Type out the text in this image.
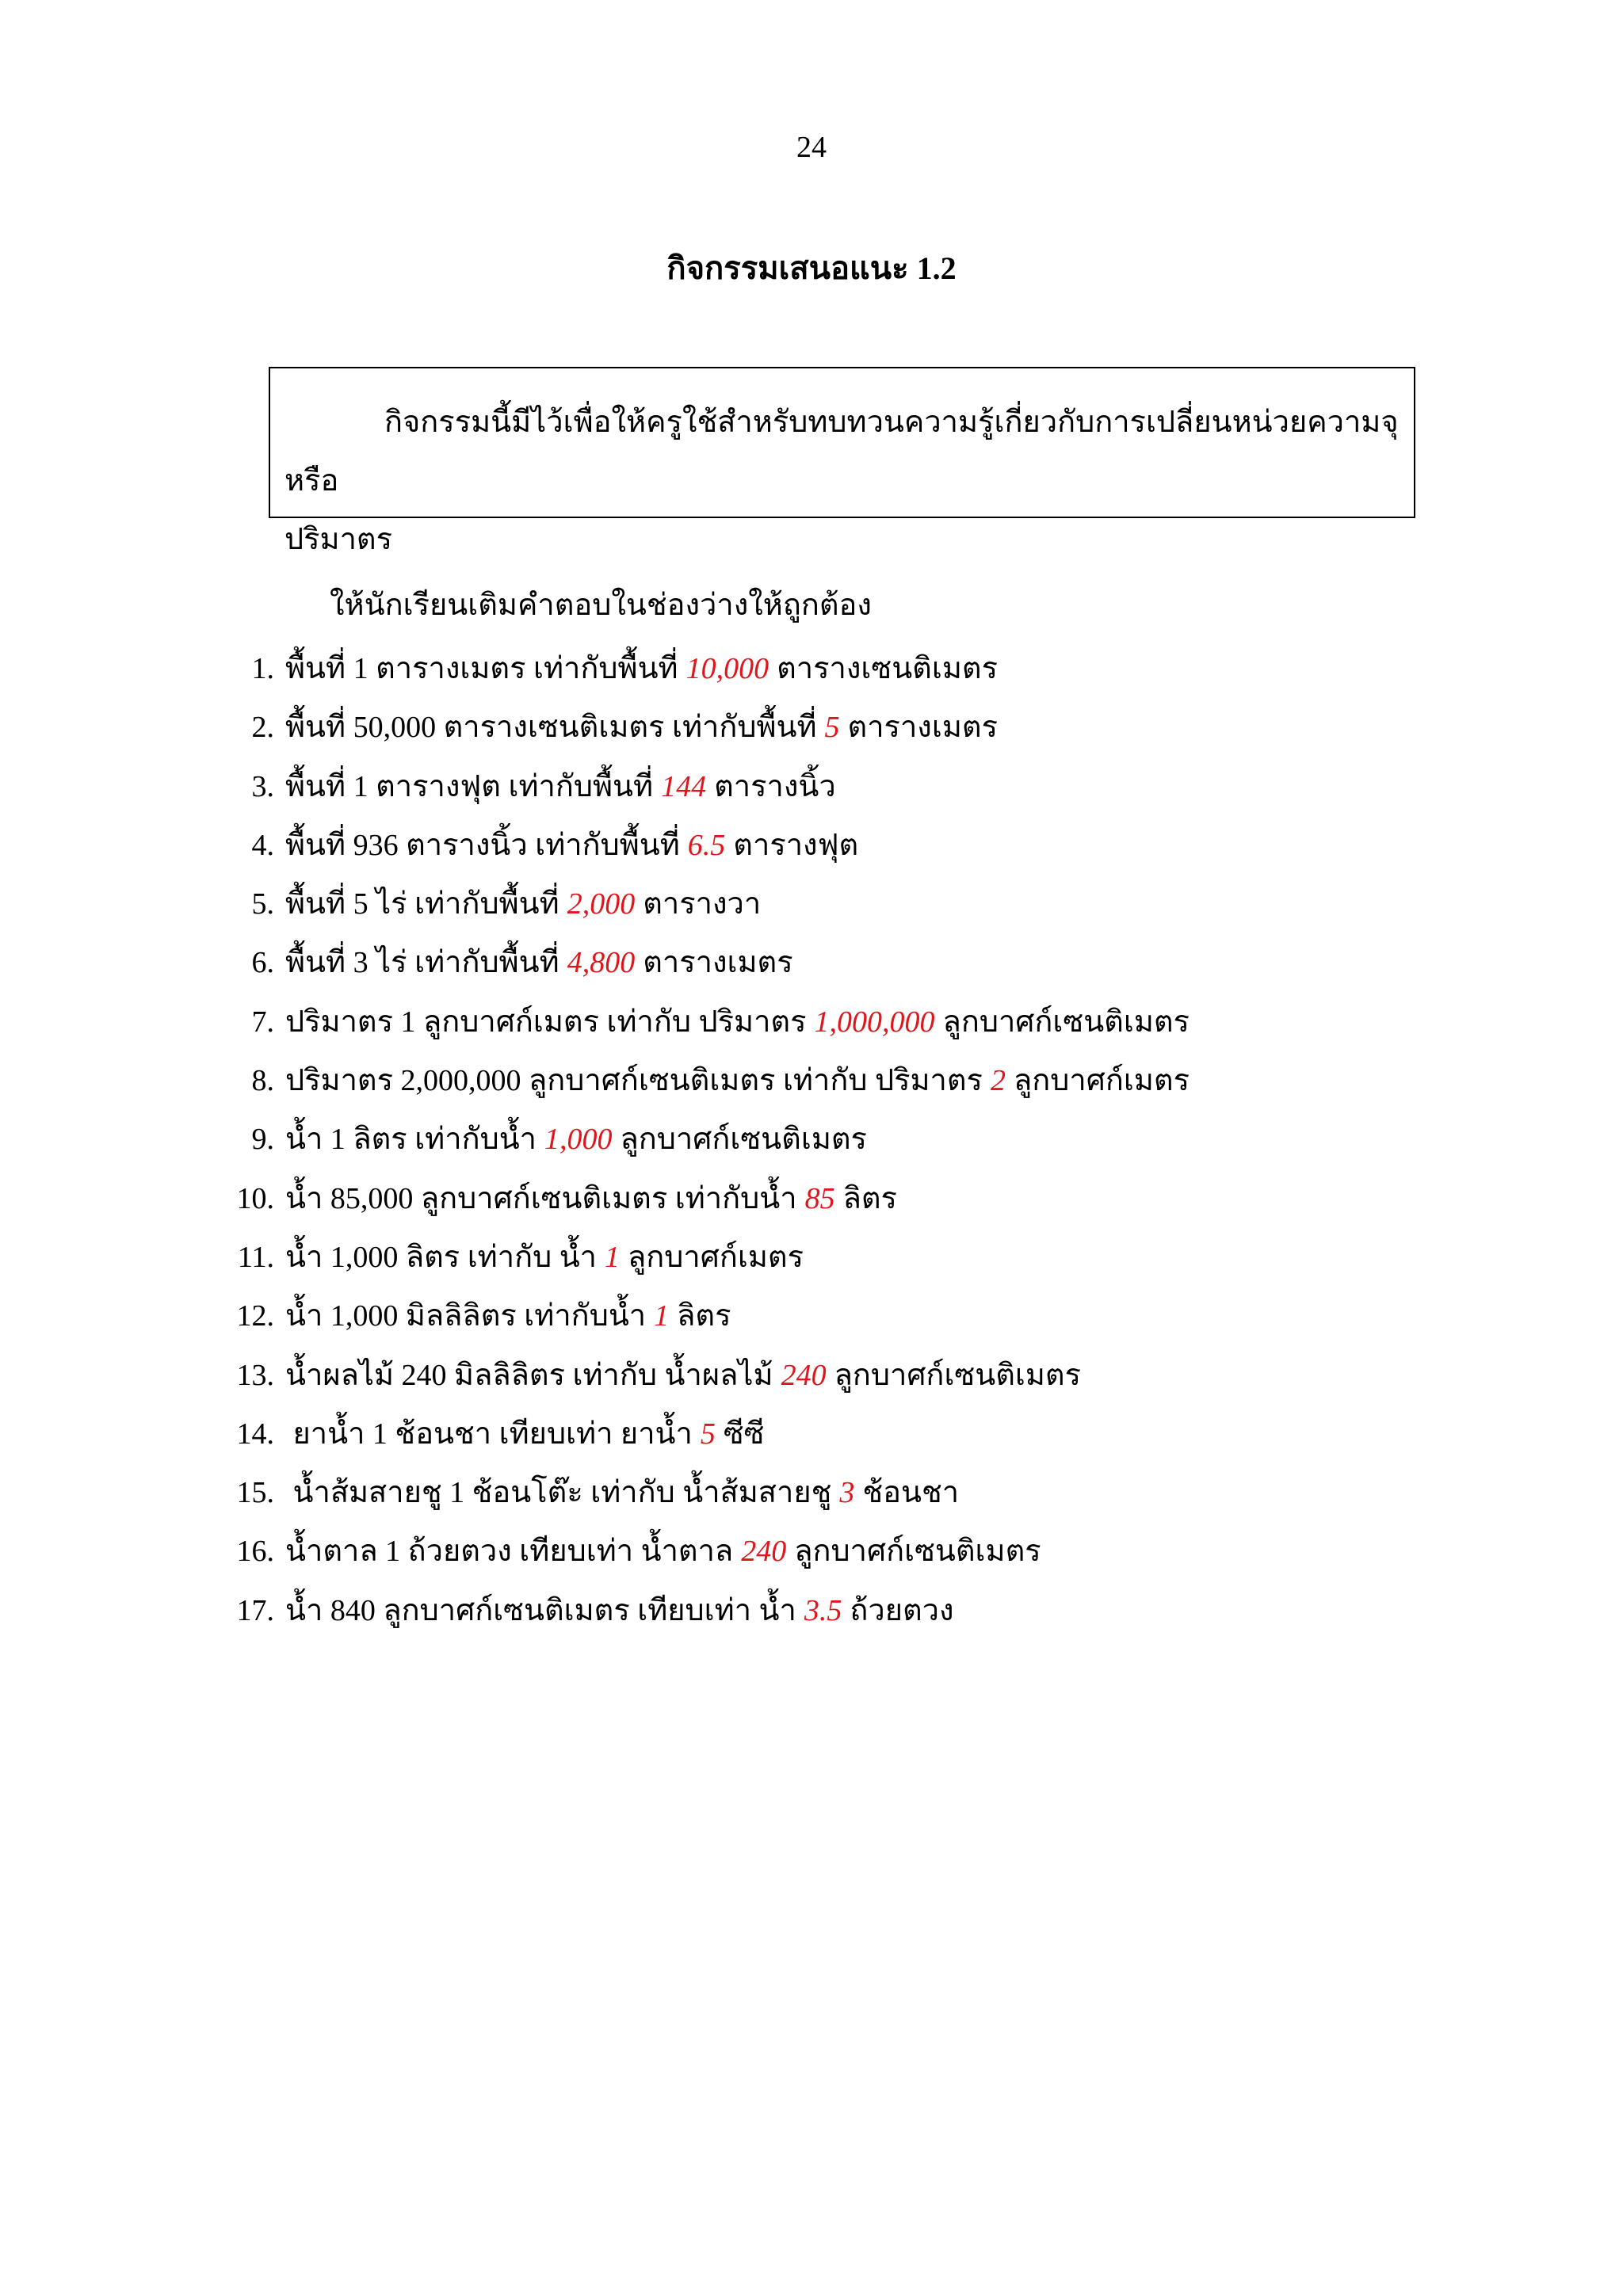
24
กิจกรรมเสนอแนะ 1.2
กิจกรรมนี้มีไว้เพื่อให้ครูใช้สำหรับทบทวนความรู้เกี่ยวกับการเปลี่ยนหน่วยความจุหรือ
ปริมาตร
ให้นักเรียนเติมคำตอบในช่องว่างให้ถูกต้อง
1. พื้นที่ 1 ตารางเมตร เท่ากับพื้นที่ 10,000 ตารางเซนติเมตร
2. พื้นที่ 50,000 ตารางเซนติเมตร เท่ากับพื้นที่ 5 ตารางเมตร
3. พื้นที่ 1 ตารางฟุต เท่ากับพื้นที่ 144 ตารางนิ้ว
4. พื้นที่ 936 ตารางนิ้ว เท่ากับพื้นที่ 6.5 ตารางฟุต
5. พื้นที่ 5 ไร่ เท่ากับพื้นที่ 2,000 ตารางวา
6. พื้นที่ 3 ไร่ เท่ากับพื้นที่ 4,800 ตารางเมตร
7. ปริมาตร 1 ลูกบาศก์เมตร เท่ากับ ปริมาตร 1,000,000 ลูกบาศก์เซนติเมตร
8. ปริมาตร 2,000,000 ลูกบาศก์เซนติเมตร เท่ากับ ปริมาตร 2 ลูกบาศก์เมตร
9. น้ำ 1 ลิตร เท่ากับน้ำ 1,000 ลูกบาศก์เซนติเมตร
10. น้ำ 85,000 ลูกบาศก์เซนติเมตร เท่ากับน้ำ 85 ลิตร
11. น้ำ 1,000 ลิตร เท่ากับ น้ำ 1 ลูกบาศก์เมตร
12. น้ำ 1,000 มิลลิลิตร เท่ากับน้ำ 1 ลิตร
13. น้ำผลไม้ 240 มิลลิลิตร เท่ากับ น้ำผลไม้ 240 ลูกบาศก์เซนติเมตร
14. ยาน้ำ 1 ช้อนชา เทียบเท่า ยาน้ำ 5 ซีซี
15. น้ำส้มสายชู 1 ช้อนโต๊ะ เท่ากับ น้ำส้มสายชู 3 ช้อนชา
16. น้ำตาล 1 ถ้วยตวง เทียบเท่า น้ำตาล 240 ลูกบาศก์เซนติเมตร
17. น้ำ 840 ลูกบาศก์เซนติเมตร เทียบเท่า น้ำ 3.5 ถ้วยตวง
